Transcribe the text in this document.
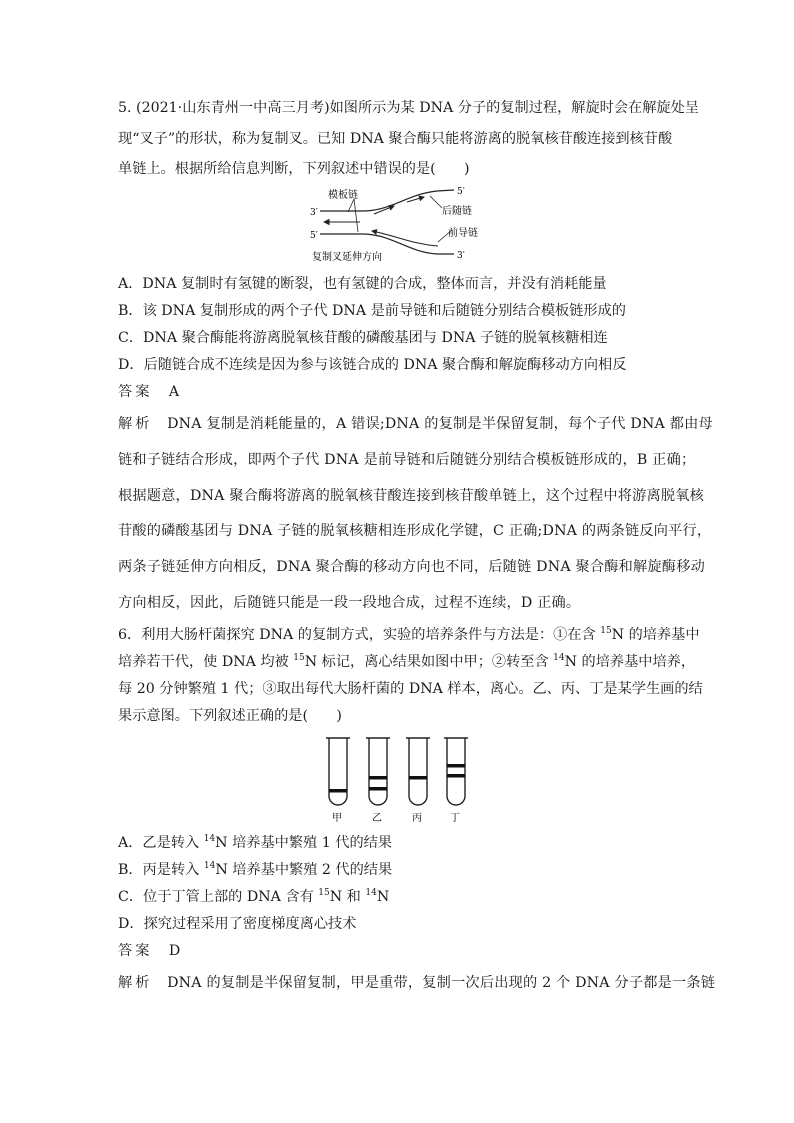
5. (2021·山东青州一中高三月考)如图所示为某 DNA 分子的复制过程，解旋时会在解旋处呈
现“叉子”的形状，称为复制叉。已知 DNA 聚合酶只能将游离的脱氧核苷酸连接到核苷酸
单链上。根据所给信息判断，下列叙述中错误的是(　　)
模板链
3′
5′
5′
3′
后随链
前导链
复制叉延伸方向
A．DNA 复制时有氢键的断裂，也有氢键的合成，整体而言，并没有消耗能量
B．该 DNA 复制形成的两个子代 DNA 是前导链和后随链分别结合模板链形成的
C．DNA 聚合酶能将游离脱氧核苷酸的磷酸基团与 DNA 子链的脱氧核糖相连
D．后随链合成不连续是因为参与该链合成的 DNA 聚合酶和解旋酶移动方向相反
答案 A
解析 DNA 复制是消耗能量的，A 错误;DNA 的复制是半保留复制，每个子代 DNA 都由母
链和子链结合形成，即两个子代 DNA 是前导链和后随链分别结合模板链形成的，B 正确；
根据题意，DNA 聚合酶将游离的脱氧核苷酸连接到核苷酸单链上，这个过程中将游离脱氧核
苷酸的磷酸基团与 DNA 子链的脱氧核糖相连形成化学键，C 正确;DNA 的两条链反向平行，
两条子链延伸方向相反，DNA 聚合酶的移动方向也不同，后随链 DNA 聚合酶和解旋酶移动
方向相反，因此，后随链只能是一段一段地合成，过程不连续，D 正确。
6．利用大肠杆菌探究 DNA 的复制方式，实验的培养条件与方法是：①在含 $^{15}$N 的培养基中
培养若干代，使 DNA 均被 $^{15}$N 标记，离心结果如图中甲；②转至含 $^{14}$N 的培养基中培养，
每 20 分钟繁殖 1 代；③取出每代大肠杆菌的 DNA 样本，离心。乙、丙、丁是某学生画的结
果示意图。下列叙述正确的是(　　)
甲	乙	丙	丁
A．乙是转入 $^{14}$N 培养基中繁殖 1 代的结果
B．丙是转入 $^{14}$N 培养基中繁殖 2 代的结果
C．位于丁管上部的 DNA 含有 $^{15}$N 和 $^{14}$N
D．探究过程采用了密度梯度离心技术
答案 D
解析 DNA 的复制是半保留复制，甲是重带，复制一次后出现的 2 个 DNA 分子都是一条链
